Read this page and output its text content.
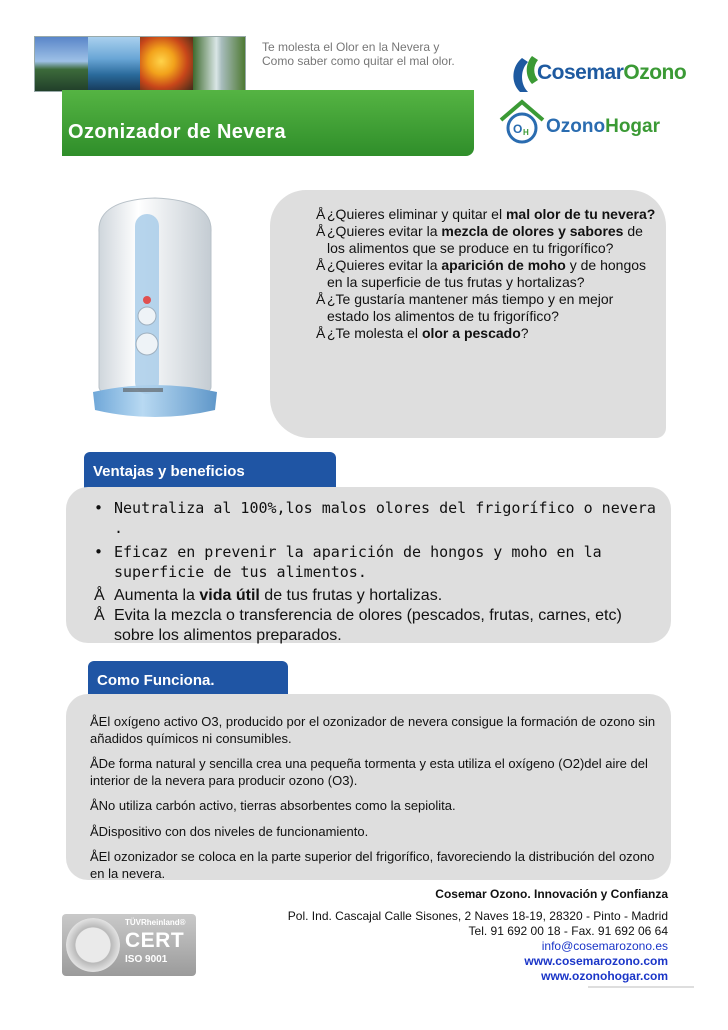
Te molesta el Olor en la Nevera y
Como saber como quitar el mal olor.
Ozonizador de Nevera
CosemarOzono
O H OzonoHogar
Å ¿Quieres eliminar y quitar el mal olor de tu nevera?
Å ¿Quieres evitar la mezcla de olores y sabores de los alimentos que se produce en tu frigorífico?
Å ¿Quieres evitar la aparición de moho y de hongos en la superficie de tus frutas y hortalizas?
Å ¿Te gustaría mantener más tiempo y en mejor estado los alimentos de tu frigorífico?
Å ¿Te molesta el olor a pescado?
Ventajas y beneficios
• Neutraliza al 100%,los malos olores del frigorífico o nevera .
• Eficaz en prevenir la aparición de hongos y moho en la superficie de tus alimentos.
Å Aumenta la vida útil de tus frutas y hortalizas.
Å Evita la mezcla o transferencia de olores (pescados, frutas, carnes, etc) sobre los alimentos preparados.
Como Funciona.
ÅEl oxígeno activo O3, producido por el ozonizador de nevera consigue la formación de ozono sin añadidos químicos ni consumibles.
ÅDe forma natural y sencilla crea una pequeña tormenta y esta utiliza el oxígeno (O2)del aire del interior de la nevera para producir ozono (O3).
ÅNo utiliza carbón activo, tierras absorbentes como la sepiolita.
ÅDispositivo con dos niveles de funcionamiento.
ÅEl ozonizador se coloca en la parte superior del frigorífico, favoreciendo la distribución del ozono en la nevera.
TÜVRheinland®
CERT
ISO 9001
Cosemar Ozono. Innovación y Confianza
Pol. Ind. Cascajal Calle Sisones, 2 Naves 18-19, 28320 - Pinto - Madrid
Tel. 91 692 00 18 - Fax. 91 692 06 64
info@cosemarozono.es
www.cosemarozono.com
www.ozonohogar.com
